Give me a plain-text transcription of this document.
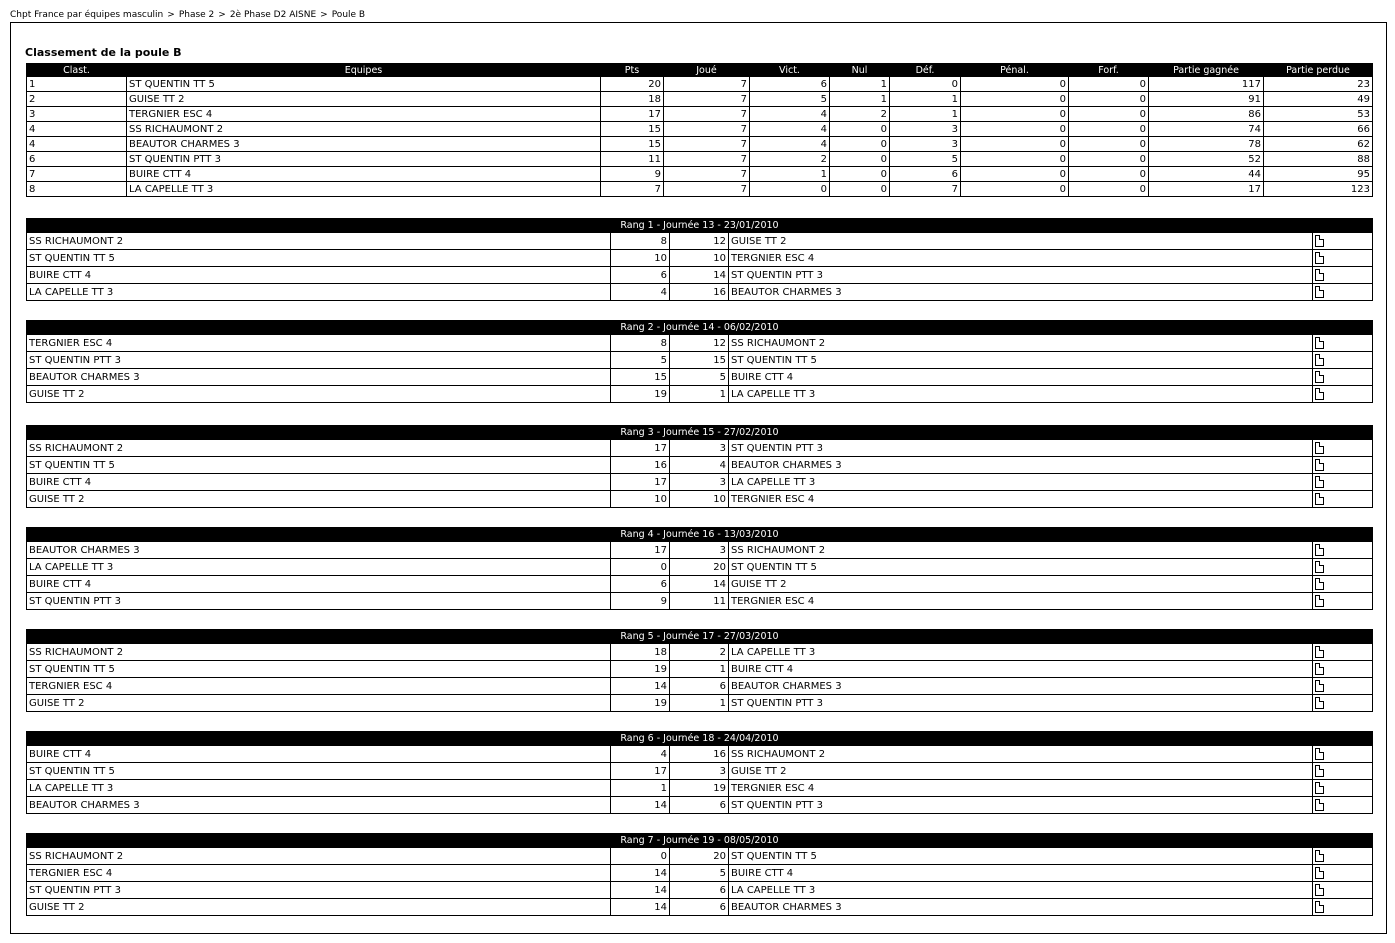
Chpt France par équipes masculin > Phase 2 > 2è Phase D2 AISNE > Poule B
Classement de la poule B
Clast.	Equipes	Pts	Joué	Vict.	Nul	Déf.	Pénal.	Forf.	Partie gagnée	Partie perdue
1	ST QUENTIN TT 5	20	7	6	1	0	0	0	117	23
2	GUISE TT 2	18	7	5	1	1	0	0	91	49
3	TERGNIER ESC 4	17	7	4	2	1	0	0	86	53
4	SS RICHAUMONT 2	15	7	4	0	3	0	0	74	66
4	BEAUTOR CHARMES 3	15	7	4	0	3	0	0	78	62
6	ST QUENTIN PTT 3	11	7	2	0	5	0	0	52	88
7	BUIRE CTT 4	9	7	1	0	6	0	0	44	95
8	LA CAPELLE TT 3	7	7	0	0	7	0	0	17	123
Rang 1 - Journée 13 - 23/01/2010				
SS RICHAUMONT 2	8	12	GUISE TT 2	
ST QUENTIN TT 5	10	10	TERGNIER ESC 4	
BUIRE CTT 4	6	14	ST QUENTIN PTT 3	
LA CAPELLE TT 3	4	16	BEAUTOR CHARMES 3	
Rang 2 - Journée 14 - 06/02/2010				
TERGNIER ESC 4	8	12	SS RICHAUMONT 2	
ST QUENTIN PTT 3	5	15	ST QUENTIN TT 5	
BEAUTOR CHARMES 3	15	5	BUIRE CTT 4	
GUISE TT 2	19	1	LA CAPELLE TT 3	
Rang 3 - Journée 15 - 27/02/2010				
SS RICHAUMONT 2	17	3	ST QUENTIN PTT 3	
ST QUENTIN TT 5	16	4	BEAUTOR CHARMES 3	
BUIRE CTT 4	17	3	LA CAPELLE TT 3	
GUISE TT 2	10	10	TERGNIER ESC 4	
Rang 4 - Journée 16 - 13/03/2010				
BEAUTOR CHARMES 3	17	3	SS RICHAUMONT 2	
LA CAPELLE TT 3	0	20	ST QUENTIN TT 5	
BUIRE CTT 4	6	14	GUISE TT 2	
ST QUENTIN PTT 3	9	11	TERGNIER ESC 4	
Rang 5 - Journée 17 - 27/03/2010				
SS RICHAUMONT 2	18	2	LA CAPELLE TT 3	
ST QUENTIN TT 5	19	1	BUIRE CTT 4	
TERGNIER ESC 4	14	6	BEAUTOR CHARMES 3	
GUISE TT 2	19	1	ST QUENTIN PTT 3	
Rang 6 - Journée 18 - 24/04/2010				
BUIRE CTT 4	4	16	SS RICHAUMONT 2	
ST QUENTIN TT 5	17	3	GUISE TT 2	
LA CAPELLE TT 3	1	19	TERGNIER ESC 4	
BEAUTOR CHARMES 3	14	6	ST QUENTIN PTT 3	
Rang 7 - Journée 19 - 08/05/2010				
SS RICHAUMONT 2	0	20	ST QUENTIN TT 5	
TERGNIER ESC 4	14	5	BUIRE CTT 4	
ST QUENTIN PTT 3	14	6	LA CAPELLE TT 3	
GUISE TT 2	14	6	BEAUTOR CHARMES 3	
